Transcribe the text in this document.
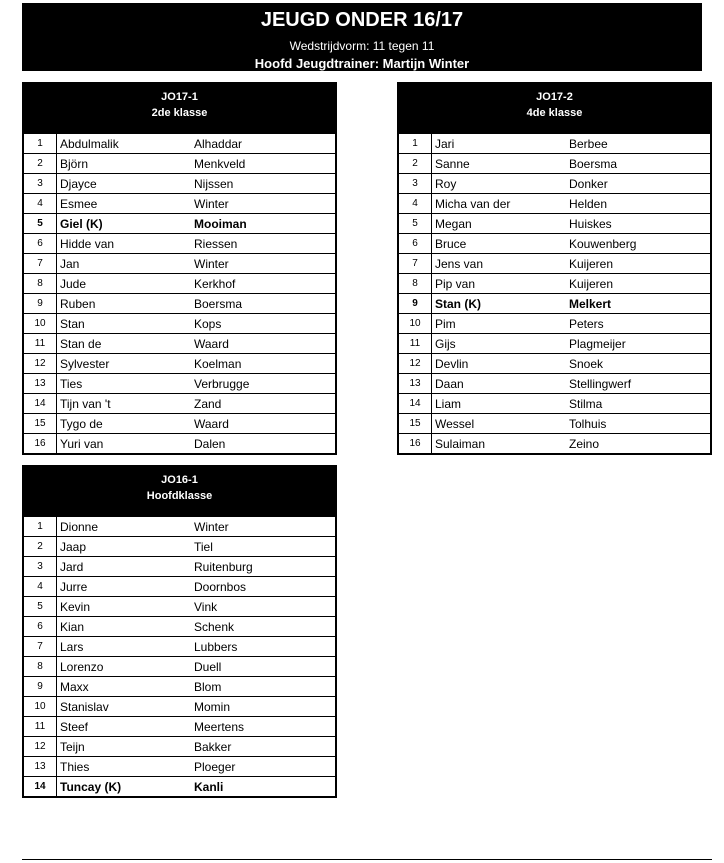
JEUGD ONDER 16/17
Wedstrijdvorm: 11 tegen 11
Hoofd Jeugdtrainer: Martijn Winter
JO17-1
2de klasse
1	Abdulmalik	Alhaddar
2	Björn	Menkveld
3	Djayce	Nijssen
4	Esmee	Winter
5	Giel (K)	Mooiman
6	Hidde van	Riessen
7	Jan	Winter
8	Jude	Kerkhof
9	Ruben	Boersma
10	Stan	Kops
11	Stan de	Waard
12	Sylvester	Koelman
13	Ties	Verbrugge
14	Tijn van 't	Zand
15	Tygo de	Waard
16	Yuri van	Dalen
JO17-2
4de klasse
1	Jari	Berbee
2	Sanne	Boersma
3	Roy	Donker
4	Micha van der	Helden
5	Megan	Huiskes
6	Bruce	Kouwenberg
7	Jens van	Kuijeren
8	Pip van	Kuijeren
9	Stan (K)	Melkert
10	Pim	Peters
11	Gijs	Plagmeijer
12	Devlin	Snoek
13	Daan	Stellingwerf
14	Liam	Stilma
15	Wessel	Tolhuis
16	Sulaiman	Zeino
JO16-1
Hoofdklasse
1	Dionne	Winter
2	Jaap	Tiel
3	Jard	Ruitenburg
4	Jurre	Doornbos
5	Kevin	Vink
6	Kian	Schenk
7	Lars	Lubbers
8	Lorenzo	Duell
9	Maxx	Blom
10	Stanislav	Momin
11	Steef	Meertens
12	Teijn	Bakker
13	Thies	Ploeger
14	Tuncay (K)	Kanli
